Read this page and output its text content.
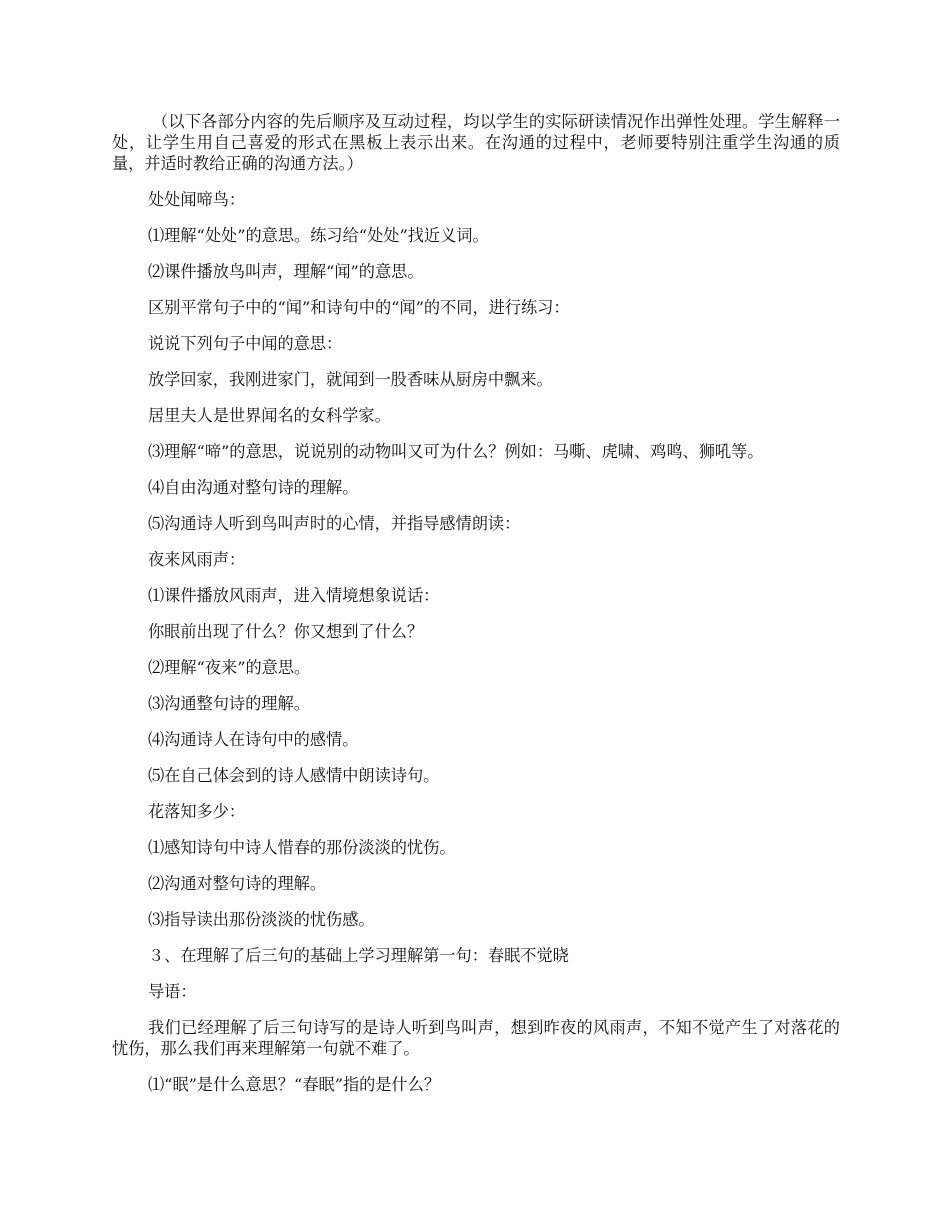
（以下各部分内容的先后顺序及互动过程，均以学生的实际研读情况作出弹性处理。学生解释一处，让学生用自己喜爱的形式在黑板上表示出来。在沟通的过程中，老师要特别注重学生沟通的质量，并适时教给正确的沟通方法。）

处处闻啼鸟：

⑴理解“处处”的意思。练习给“处处”找近义词。

⑵课件播放鸟叫声，理解“闻”的意思。

区别平常句子中的“闻”和诗句中的“闻”的不同，进行练习：

说说下列句子中闻的意思：

放学回家，我刚进家门，就闻到一股香味从厨房中飘来。

居里夫人是世界闻名的女科学家。

⑶理解“啼”的意思，说说别的动物叫又可为什么？例如：马嘶、虎啸、鸡鸣、狮吼等。

⑷自由沟通对整句诗的理解。

⑸沟通诗人听到鸟叫声时的心情，并指导感情朗读：

夜来风雨声：

⑴课件播放风雨声，进入情境想象说话：

你眼前出现了什么？你又想到了什么？

⑵理解“夜来”的意思。

⑶沟通整句诗的理解。

⑷沟通诗人在诗句中的感情。

⑸在自己体会到的诗人感情中朗读诗句。

花落知多少：

⑴感知诗句中诗人惜春的那份淡淡的忧伤。

⑵沟通对整句诗的理解。

⑶指导读出那份淡淡的忧伤感。

３、在理解了后三句的基础上学习理解第一句：春眠不觉晓

导语：

我们已经理解了后三句诗写的是诗人听到鸟叫声，想到昨夜的风雨声，不知不觉产生了对落花的忧伤，那么我们再来理解第一句就不难了。

⑴“眠”是什么意思？“春眠”指的是什么？
